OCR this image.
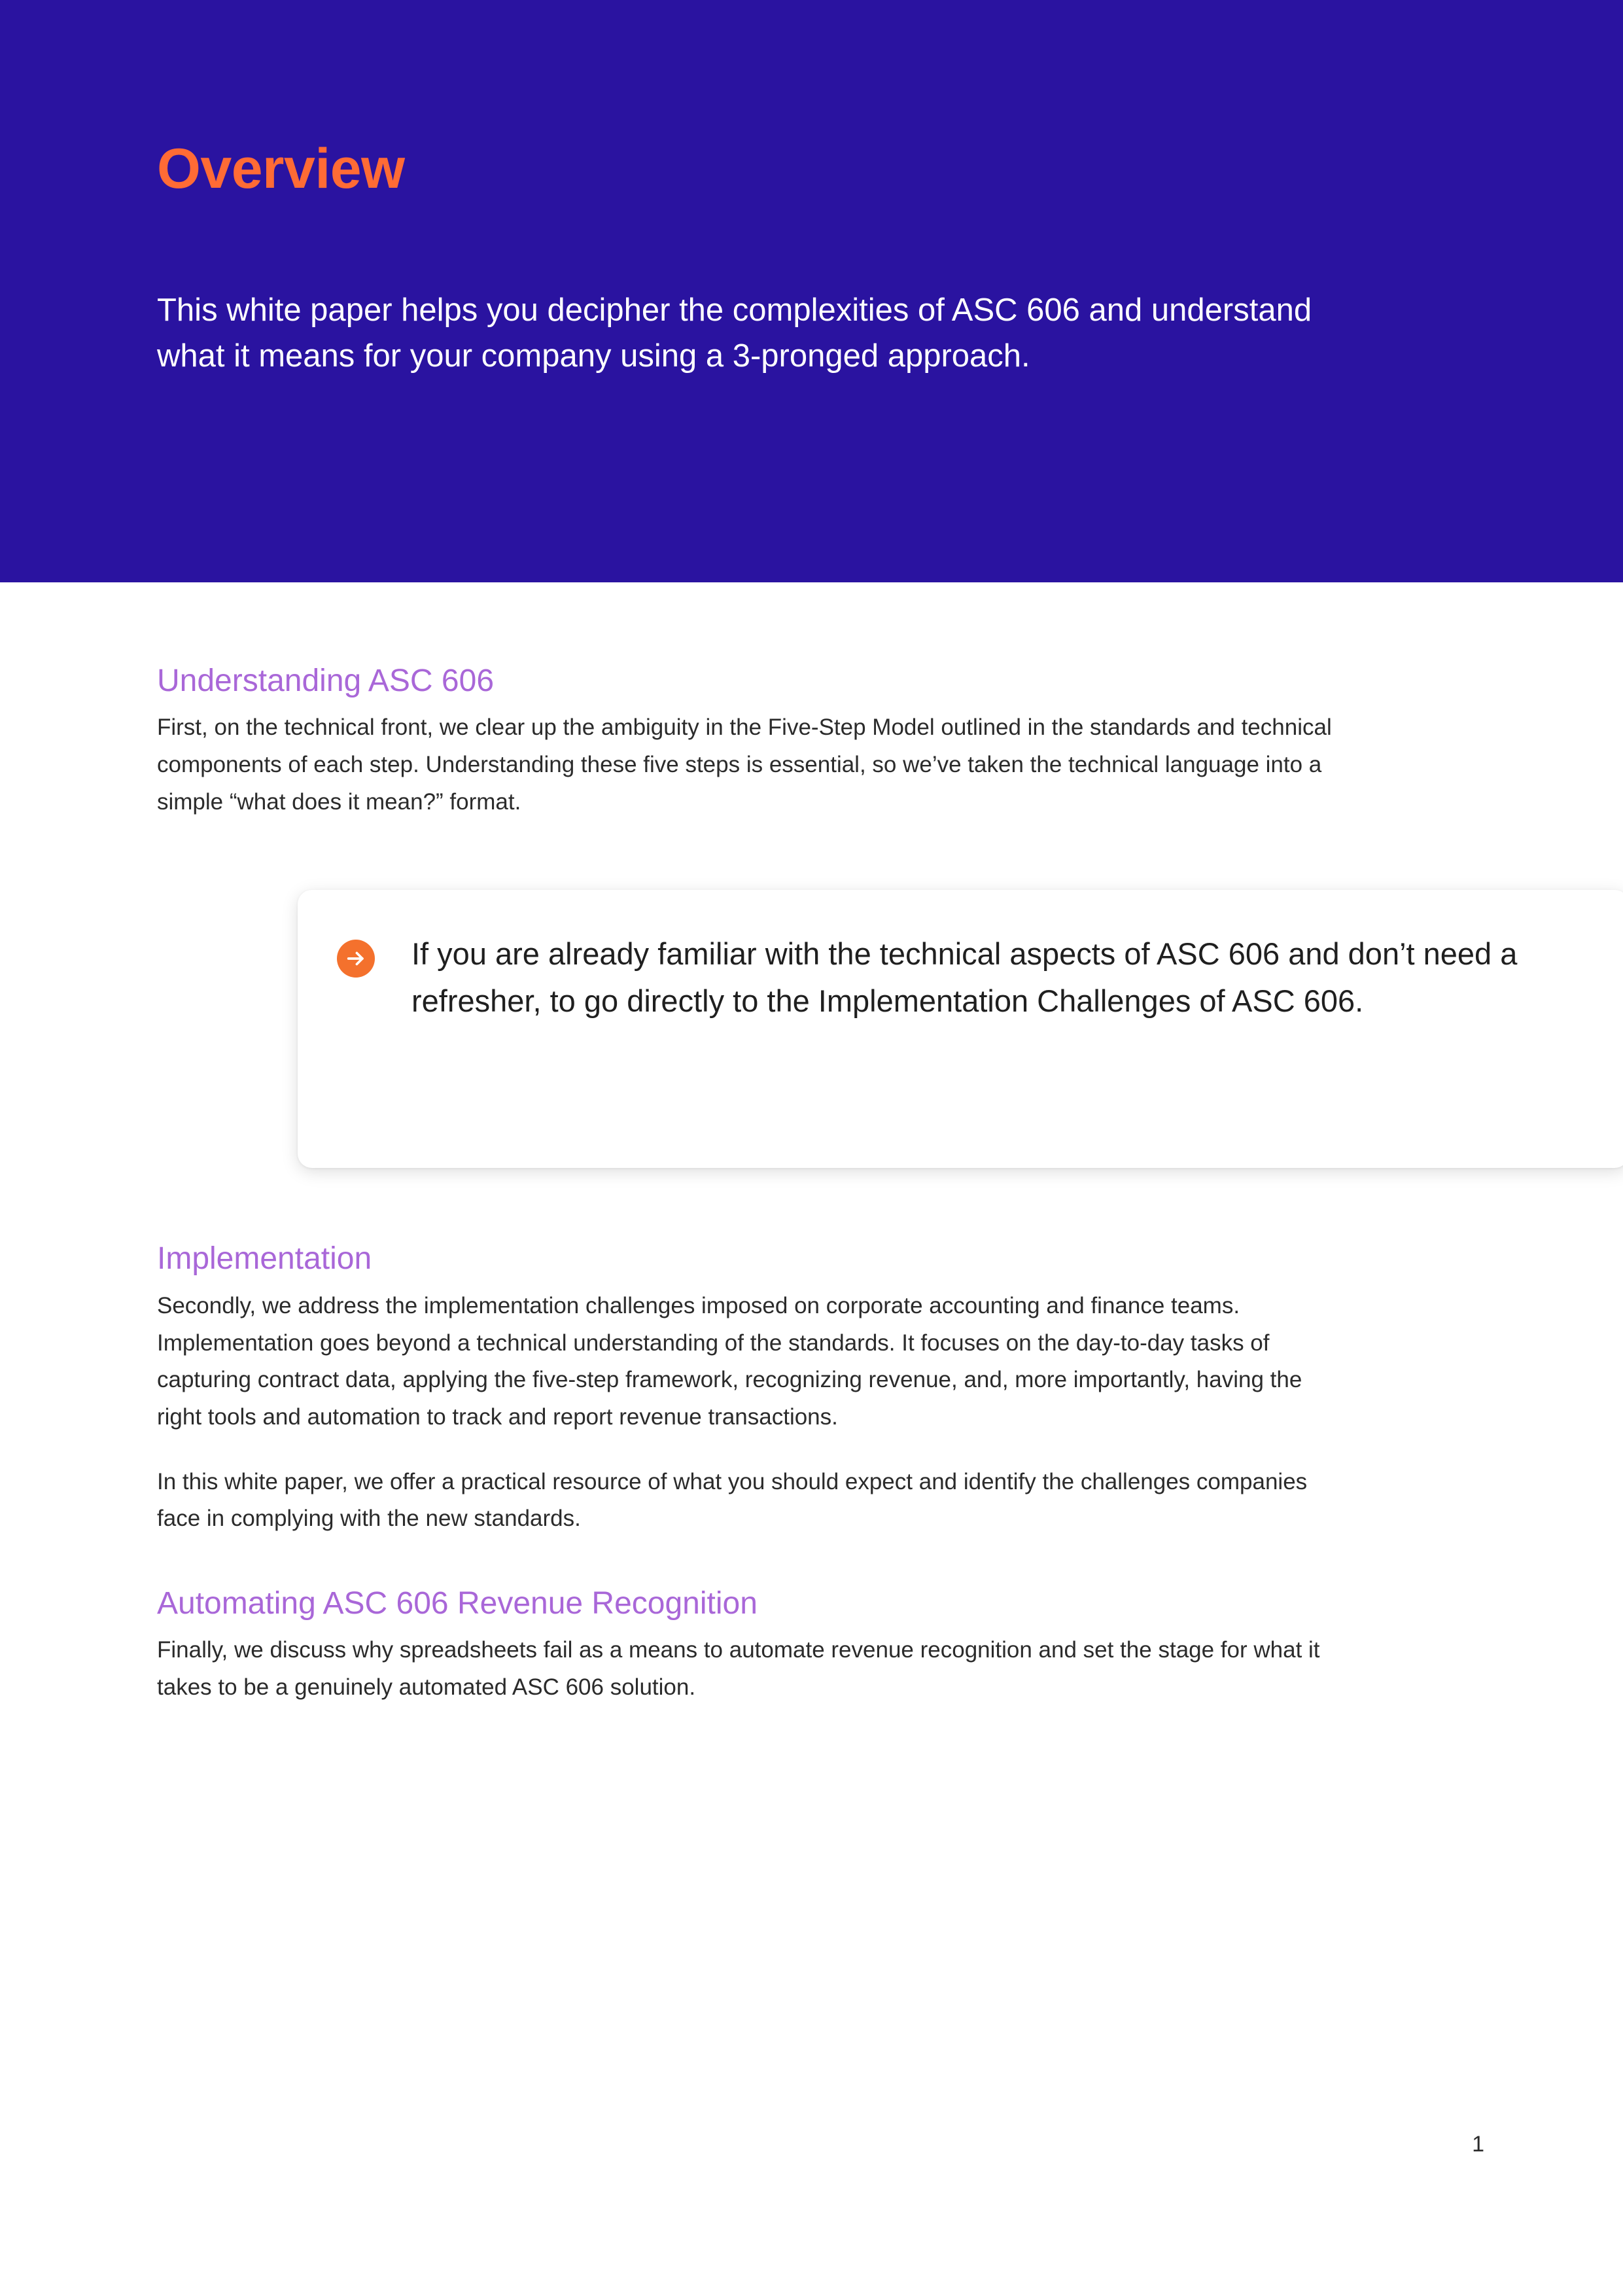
Overview
This white paper helps you decipher the complexities of ASC 606 and understand what it means for your company using a 3-pronged approach.
Understanding ASC 606

First, on the technical front, we clear up the ambiguity in the Five-Step Model outlined in the standards and technical components of each step. Understanding these five steps is essential, so we’ve taken the technical language into a simple “what does it mean?” format.

If you are already familiar with the technical aspects of ASC 606 and don’t need a refresher, to go directly to the Implementation Challenges of ASC 606.
Implementation

Secondly, we address the implementation challenges imposed on corporate accounting and finance teams. Implementation goes beyond a technical understanding of the standards. It focuses on the day-to-day tasks of capturing contract data, applying the five-step framework, recognizing revenue, and, more importantly, having the right tools and automation to track and report revenue transactions.

In this white paper, we offer a practical resource of what you should expect and identify the challenges companies face in complying with the new standards.

Automating ASC 606 Revenue Recognition

Finally, we discuss why spreadsheets fail as a means to automate revenue recognition and set the stage for what it takes to be a genuinely automated ASC 606 solution.

1
